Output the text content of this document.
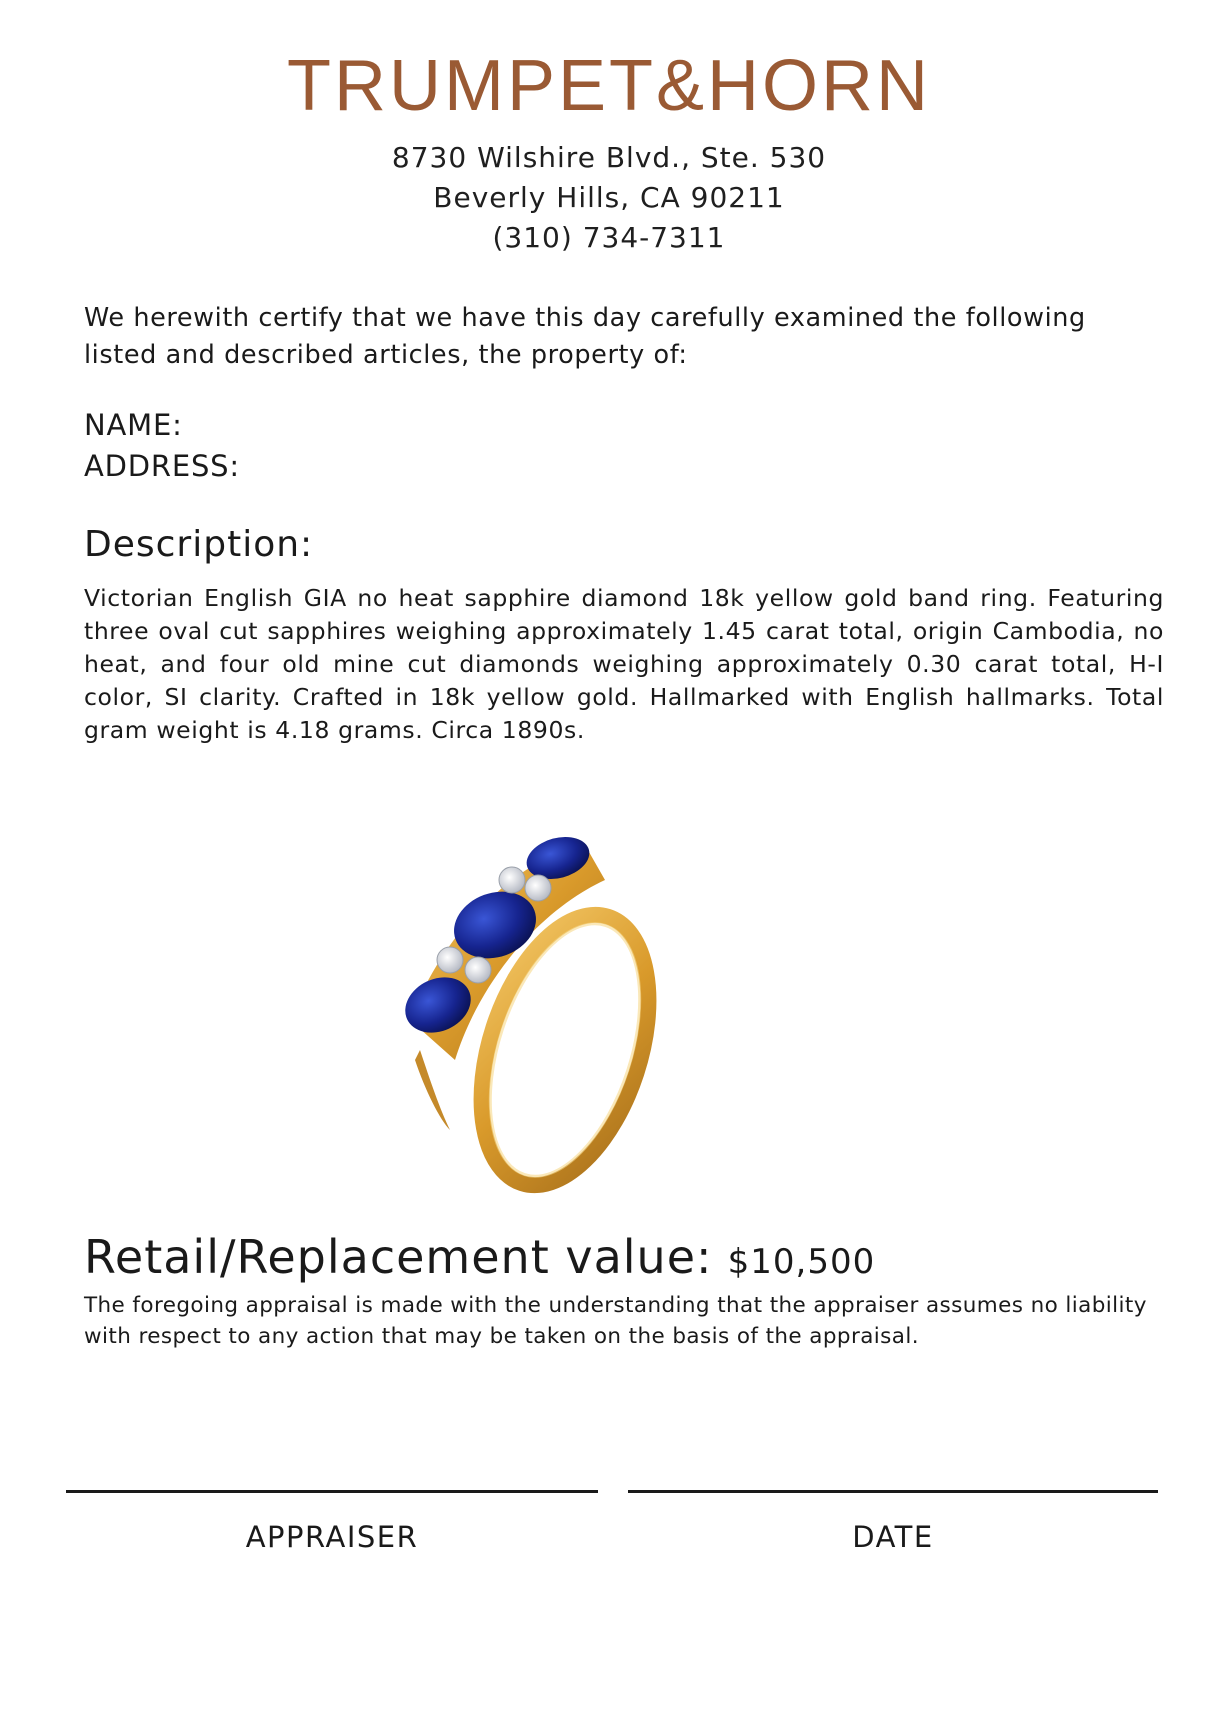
TRUMPET&HORN
8730 Wilshire Blvd., Ste. 530
Beverly Hills, CA 90211
(310) 734-7311
We herewith certify that we have this day carefully examined the following listed and described articles, the property of:
NAME:
ADDRESS:
Description:
Victorian English GIA no heat sapphire diamond 18k yellow gold band ring. Featuring three oval cut sapphires weighing approximately 1.45 carat total, origin Cambodia, no heat, and four old mine cut diamonds weighing approximately 0.30 carat total, H-I color, SI clarity. Crafted in 18k yellow gold. Hallmarked with English hallmarks. Total gram weight is 4.18 grams. Circa 1890s.
Retail/Replacement value: $10,500
The foregoing appraisal is made with the understanding that the appraiser assumes no liability with respect to any action that may be taken on the basis of the appraisal.
APPRAISER	DATE
